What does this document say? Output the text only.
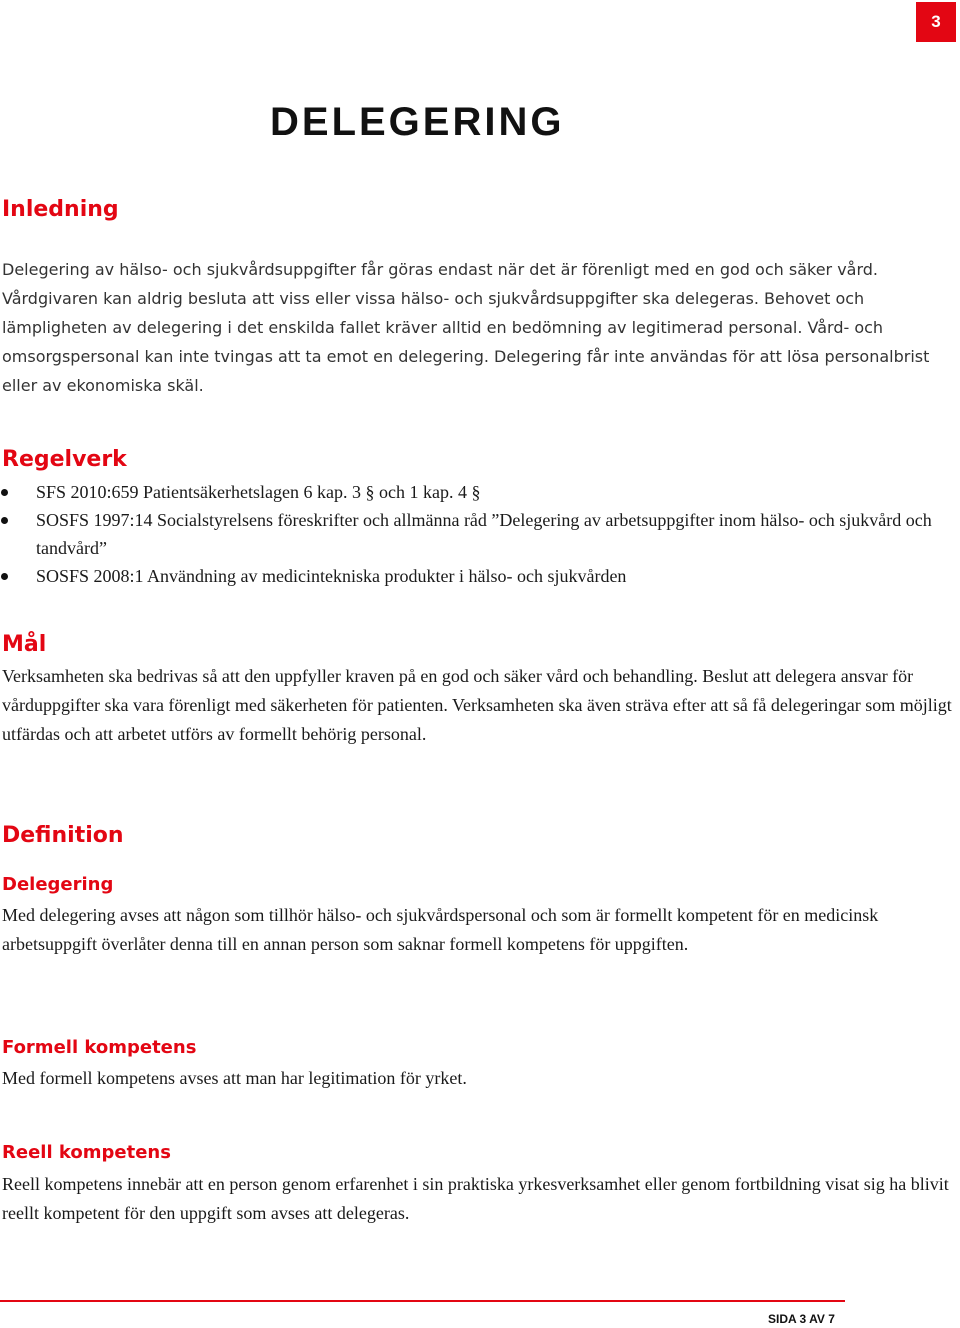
3
DELEGERING
Inledning

Delegering av hälso- och sjukvårdsuppgifter får göras endast när det är förenligt med en god och säker vård. Vårdgivaren kan aldrig besluta att viss eller vissa hälso- och sjukvårdsuppgifter ska delegeras. Behovet och lämpligheten av delegering i det enskilda fallet kräver alltid en bedömning av legitimerad personal. Vård- och omsorgspersonal kan inte tvingas att ta emot en delegering. Delegering får inte användas för att lösa personalbrist eller av ekonomiska skäl.

Regelverk
SFS 2010:659 Patientsäkerhetslagen 6 kap. 3 § och 1 kap. 4 §
SOSFS 1997:14 Socialstyrelsens föreskrifter och allmänna råd ”Delegering av arbetsuppgifter inom hälso- och sjukvård och tandvård”
SOSFS 2008:1 Användning av medicintekniska produkter i hälso- och sjukvården
Mål

Verksamheten ska bedrivas så att den uppfyller kraven på en god och säker vård och behandling. Beslut att delegera ansvar för vårduppgifter ska vara förenligt med säkerheten för patienten. Verksamheten ska även sträva efter att så få delegeringar som möjligt utfärdas och att arbetet utförs av formellt behörig personal.

Definition
Delegering

Med delegering avses att någon som tillhör hälso- och sjukvårdspersonal och som är formellt kompetent för en medicinsk arbetsuppgift överlåter denna till en annan person som saknar formell kompetens för uppgiften.

Formell kompetens

Med formell kompetens avses att man har legitimation för yrket.

Reell kompetens

Reell kompetens innebär att en person genom erfarenhet i sin praktiska yrkesverksamhet eller genom fortbildning visat sig ha blivit reellt kompetent för den uppgift som avses att delegeras.

SIDA 3 AV 7
